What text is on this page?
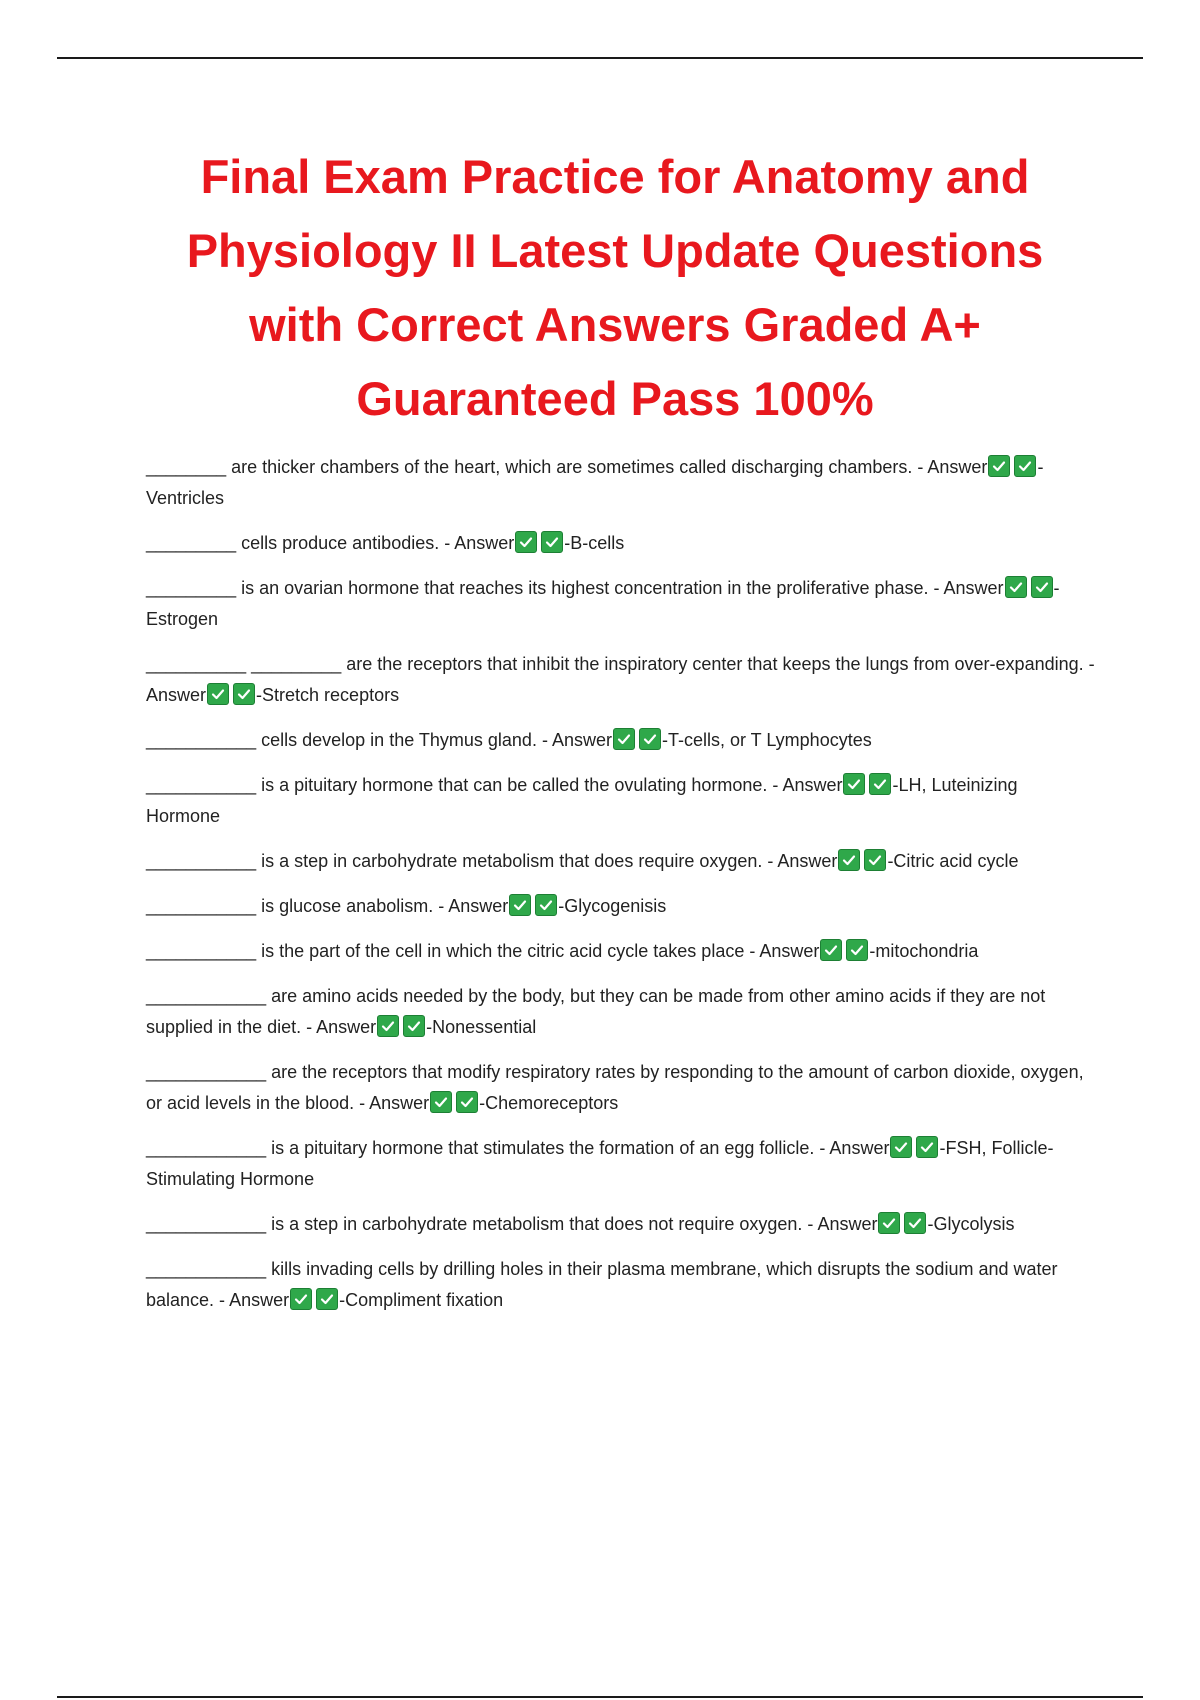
Final Exam Practice for Anatomy and Physiology II Latest Update Questions with Correct Answers Graded A+ Guaranteed Pass 100%
________ are thicker chambers of the heart, which are sometimes called discharging chambers. - Answer	-Ventricles
_________ cells produce antibodies. - Answer	-B-cells
_________ is an ovarian hormone that reaches its highest concentration in the proliferative phase. - Answer	-Estrogen
__________ _________ are the receptors that inhibit the inspiratory center that keeps the lungs from over-expanding. - Answer	-Stretch receptors
___________ cells develop in the Thymus gland. - Answer	-T-cells, or T Lymphocytes
___________ is a pituitary hormone that can be called the ovulating hormone. - Answer	-LH, Luteinizing Hormone
___________ is a step in carbohydrate metabolism that does require oxygen. - Answer	-Citric acid cycle
___________ is glucose anabolism. - Answer	-Glycogenisis
___________ is the part of the cell in which the citric acid cycle takes place - Answer	-mitochondria
____________ are amino acids needed by the body, but they can be made from other amino acids if they are not supplied in the diet. - Answer	-Nonessential
____________ are the receptors that modify respiratory rates by responding to the amount of carbon dioxide, oxygen, or acid levels in the blood. - Answer	-Chemoreceptors
____________ is a pituitary hormone that stimulates the formation of an egg follicle. - Answer	-FSH, Follicle-Stimulating Hormone
____________ is a step in carbohydrate metabolism that does not require oxygen. - Answer	-Glycolysis
____________ kills invading cells by drilling holes in their plasma membrane, which disrupts the sodium and water balance. - Answer	-Compliment fixation
